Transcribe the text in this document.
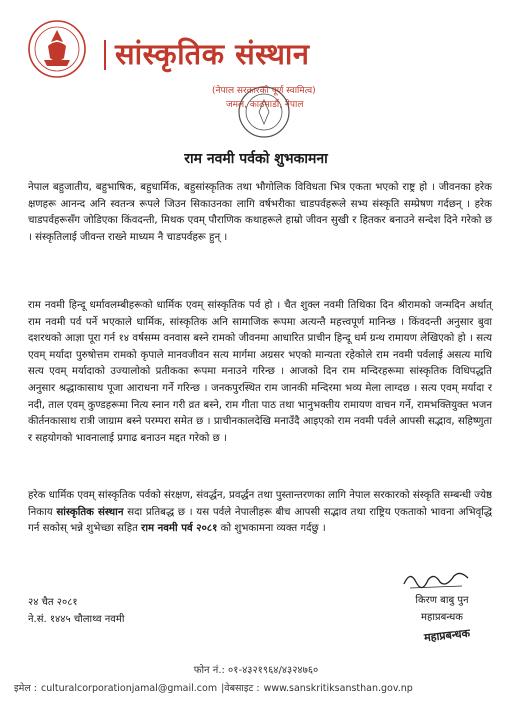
सांस्कृतिक संस्थान
(नेपाल सरकारको पूर्ण स्वामित्व)
जमल, काठमाडौं, नेपाल
राम नवमी पर्वको शुभकामना

नेपाल बहुजातीय, बहुभाषिक, बहुधार्मिक, बहुसांस्कृतिक तथा भौगोलिक विविधता भित्र एकता भएको राष्ट्र हो । जीवनका हरेक क्षणहरू आनन्द अनि स्वतन्त्र रूपले जिउन सिकाउनका लागि वर्षभरीका चाडपर्वहरूले सभ्य संस्कृति सम्प्रेषण गर्दछन् । हरेक चाडपर्वहरूसँग जोडिएका किंवदन्ती, मिथक एवम् पौराणिक कथाहरूले हाम्रो जीवन सुखी र हितकर बनाउने सन्देश दिने गरेको छ । संस्कृतिलाई जीवन्त राख्ने माध्यम नै चाडपर्वहरू हुन् ।

राम नवमी हिन्दू धर्मावलम्बीहरूको धार्मिक एवम् सांस्कृतिक पर्व हो । चैत शुक्ल नवमी तिथिका दिन श्रीरामको जन्मदिन अर्थात् राम नवमी पर्व पर्ने भएकाले धार्मिक, सांस्कृतिक अनि सामाजिक रूपमा अत्यन्तै महत्त्वपूर्ण मानिन्छ । किंवदन्ती अनुसार बुवा दशरथको आज्ञा पूरा गर्न १४ वर्षसम्म वनवास बस्ने रामको जीवनमा आधारित प्राचीन हिन्दू धर्म ग्रन्थ रामायण लेखिएको हो । सत्य एवम् मर्यादा पुरुषोत्तम रामको कृपाले मानवजीवन सत्य मार्गमा अग्रसर भएको मान्यता रहेकोले राम नवमी पर्वलाई असत्य माथि सत्य एवम् मर्यादाको उज्यालोको प्रतीकका रूपमा मनाउने गरिन्छ । आजको दिन राम मन्दिरहरूमा सांस्कृतिक विधिपद्धति अनुसार श्रद्धाकासाथ पूजा आराधना गर्ने गरिन्छ । जनकपुरस्थित राम जानकी मन्दिरमा भव्य मेला लाग्दछ । सत्य एवम् मर्यादा र नदी, ताल एवम् कुण्डहरूमा नित्य स्नान गरी व्रत बस्ने, राम गीता पाठ तथा भानुभक्तीय रामायण वाचन गर्ने, रामभक्तियुक्त भजन कीर्तनकासाथ रात्री जाग्राम बस्ने परम्परा समेत छ । प्राचीनकालदेखि मनाउँदै आइएको राम नवमी पर्वले आपसी सद्भाव, सहिष्णुता र सहयोगको भावनालाई प्रगाढ बनाउन मद्दत गरेको छ ।

हरेक धार्मिक एवम् सांस्कृतिक पर्वको संरक्षण, संवर्द्धन, प्रवर्द्धन तथा पुस्तान्तरणका लागि नेपाल सरकारको संस्कृति सम्बन्धी ज्येष्ठ निकाय सांस्कृतिक संस्थान सदा प्रतिबद्ध छ । यस पर्वले नेपालीहरू बीच आपसी सद्भाव तथा राष्ट्रिय एकताको भावना अभिवृद्धि गर्न सकोस् भन्ने शुभेच्छा सहित राम नवमी पर्व २०८१ को शुभकामना व्यक्त गर्दछु ।

२४ चैत २०८१
ने.सं. १४४५ चौलाथ्व नवमी
किरण बाबु पुन
महाप्रबन्धक
महाप्रबन्धक
फोन नं.: ०१-४३२१९६४/४३२४७६०
इमेल : culturalcorporationjamal@gmail.com |वेबसाइट : www.sanskritiksansthan.gov.np
